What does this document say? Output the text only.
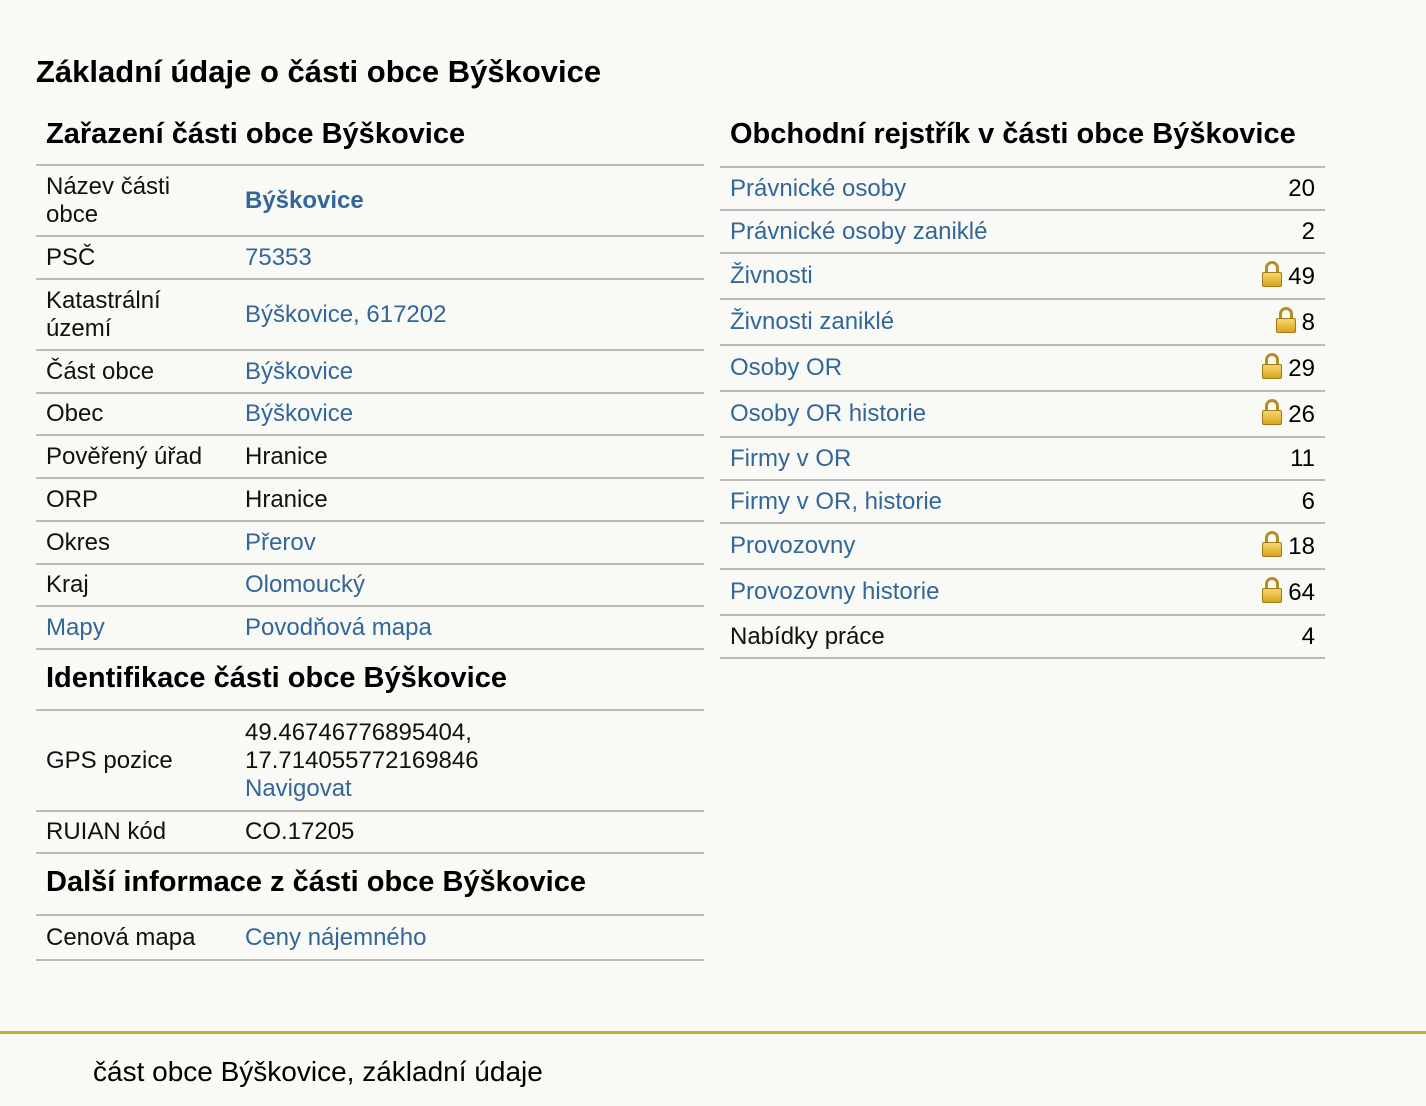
Základní údaje o části obce Býškovice
Zařazení části obce Býškovice
Název části obce	Býškovice
PSČ	75353
Katastrální území	Býškovice, 617202
Část obce	Býškovice
Obec	Býškovice
Pověřený úřad	Hranice
ORP	Hranice
Okres	Přerov
Kraj	Olomoucký
Mapy	Povodňová mapa
Identifikace části obce Býškovice
GPS pozice	49.46746776895404,
17.714055772169846
Navigovat
RUIAN kód	CO.17205
Další informace z části obce Býškovice
Cenová mapa	Ceny nájemného
Obchodní rejstřík v části obce Býškovice
Právnické osoby	20
Právnické osoby zaniklé	2
Živnosti	49
Živnosti zaniklé	8
Osoby OR	29
Osoby OR historie	26
Firmy v OR	11
Firmy v OR, historie	6
Provozovny	18
Provozovny historie	64
Nabídky práce	4
část obce Býškovice, základní údaje
